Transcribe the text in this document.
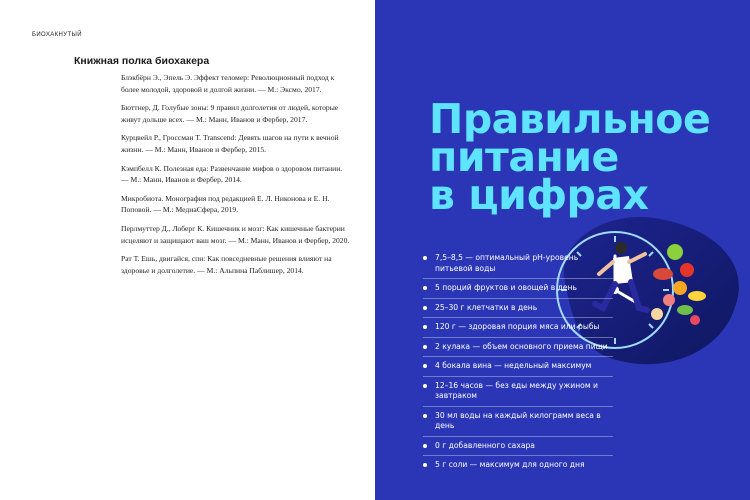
БИОХАКНУТЫЙ
Книжная полка биохакера

Блэкбёрн Э., Эпель Э. Эффект теломер: Революционный подход к более молодой, здоровой и долгой жизни. — М.: Эксмо, 2017.

Бюттнер, Д. Голубые зоны: 9 правил долголетия от людей, которые живут дольше всех. — М.: Манн, Иванов и Фербер, 2017.

Курцвейл Р., Гроссман Т. Transcend: Девять шагов на пути к вечной жизни. — М.: Манн, Иванов и Фербер, 2015.

Кэмпбелл К. Полезная еда: Развенчание мифов о здоровом питании. — М.: Манн, Иванов и Фербер, 2014.

Микробиота. Монография под редакцией Е. Л. Никонова и Е. Н. Поповой. — М.: МедиаСфера, 2019.

Перлмуттер Д., Лоберг К. Кишечник и мозг: Как кишечные бактерии исцеляют и защищают ваш мозг. — М.: Манн, Иванов и Фербер, 2020.

Рат Т. Ешь, двигайся, спи: Как повседневные решения влияют на здоровье и долголетие. — М.: Альпина Паблишер, 2014.

Правильное
питание
в цифрах
7,5–8,5 — оптимальный pH-уровень питьевой воды
5 порций фруктов и овощей в день
25–30 г клетчатки в день
120 г — здоровая порция мяса или рыбы
2 кулака — объем основного приема пищи
4 бокала вина — недельный максимум
12–16 часов — без еды между ужином и завтраком
30 мл воды на каждый килограмм веса в день
0 г добавленного сахара
5 г соли — максимум для одного дня
